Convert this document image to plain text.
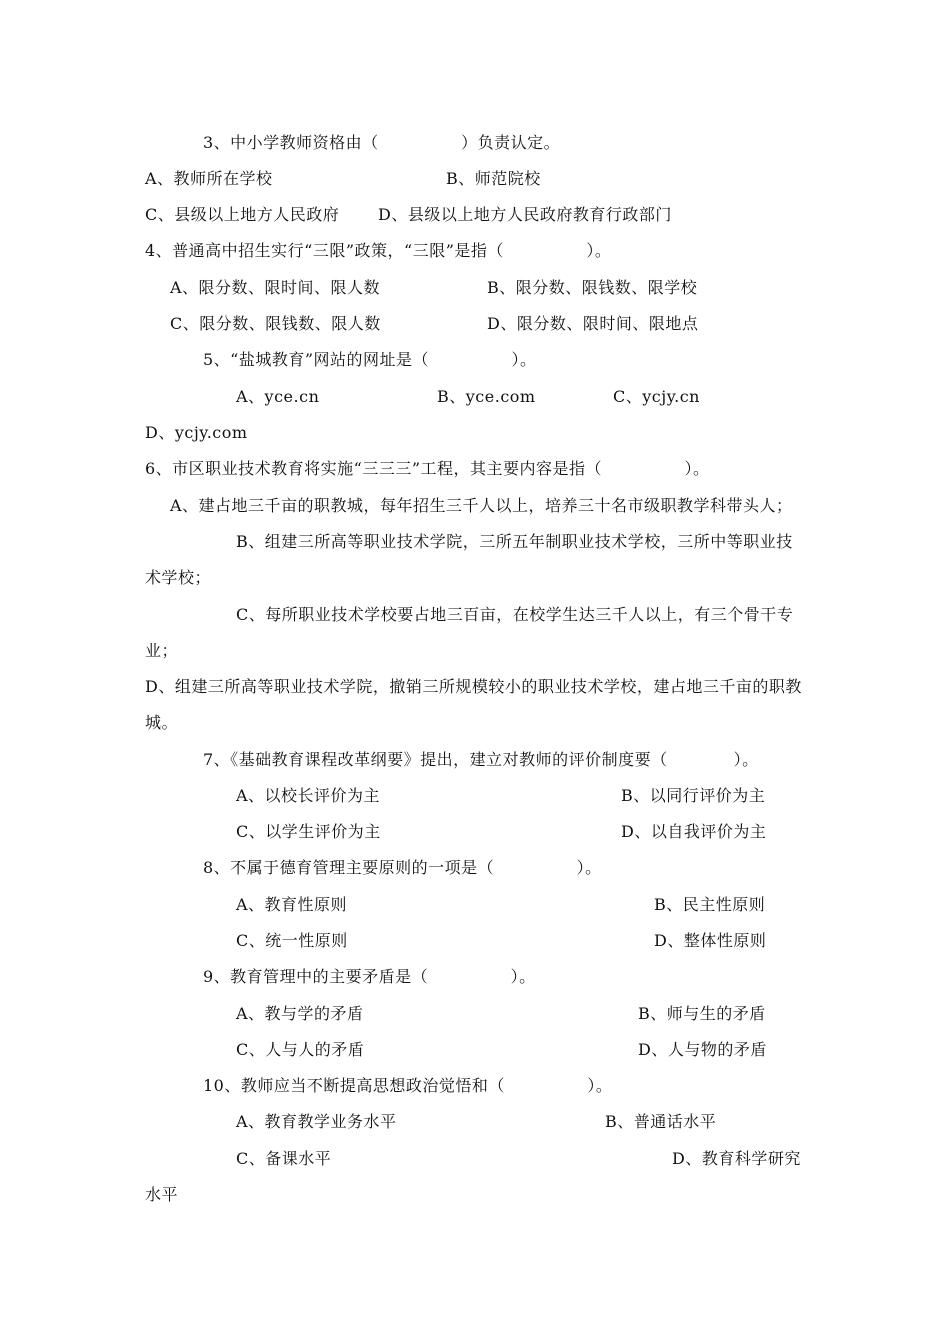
3、中小学教师资格由（　　　　　）负责认定。
A、教师所在学校	B、师范院校
C、县级以上地方人民政府 D、县级以上地方人民政府教育行政部门
4、普通高中招生实行“三限”政策，“三限”是指（　　　　　）。
A、限分数、限时间、限人数	B、限分数、限钱数、限学校
C、限分数、限钱数、限人数	D、限分数、限时间、限地点
5、“盐城教育”网站的网址是（　　　　　）。
A、yce.cn	B、yce.com	C、ycjy.cn
D、ycjy.com
6、市区职业技术教育将实施“三三三”工程，其主要内容是指（　　　　　）。
A、建占地三千亩的职教城，每年招生三千人以上，培养三十名市级职教学科带头人；
B、组建三所高等职业技术学院，三所五年制职业技术学校，三所中等职业技
术学校；
C、每所职业技术学校要占地三百亩，在校学生达三千人以上，有三个骨干专
业；
D、组建三所高等职业技术学院，撤销三所规模较小的职业技术学校，建占地三千亩的职教
城。
7、《基础教育课程改革纲要》提出，建立对教师的评价制度要（　　　　）。
A、以校长评价为主	B、以同行评价为主
C、以学生评价为主	D、以自我评价为主
8、不属于德育管理主要原则的一项是（　　　　　）。
A、教育性原则	B、民主性原则
C、统一性原则	D、整体性原则
9、教育管理中的主要矛盾是（　　　　　）。
A、教与学的矛盾	B、师与生的矛盾
C、人与人的矛盾	D、人与物的矛盾
10、教师应当不断提高思想政治觉悟和（　　　　　）。
A、教育教学业务水平	B、普通话水平
C、备课水平	D、教育科学研究
水平
